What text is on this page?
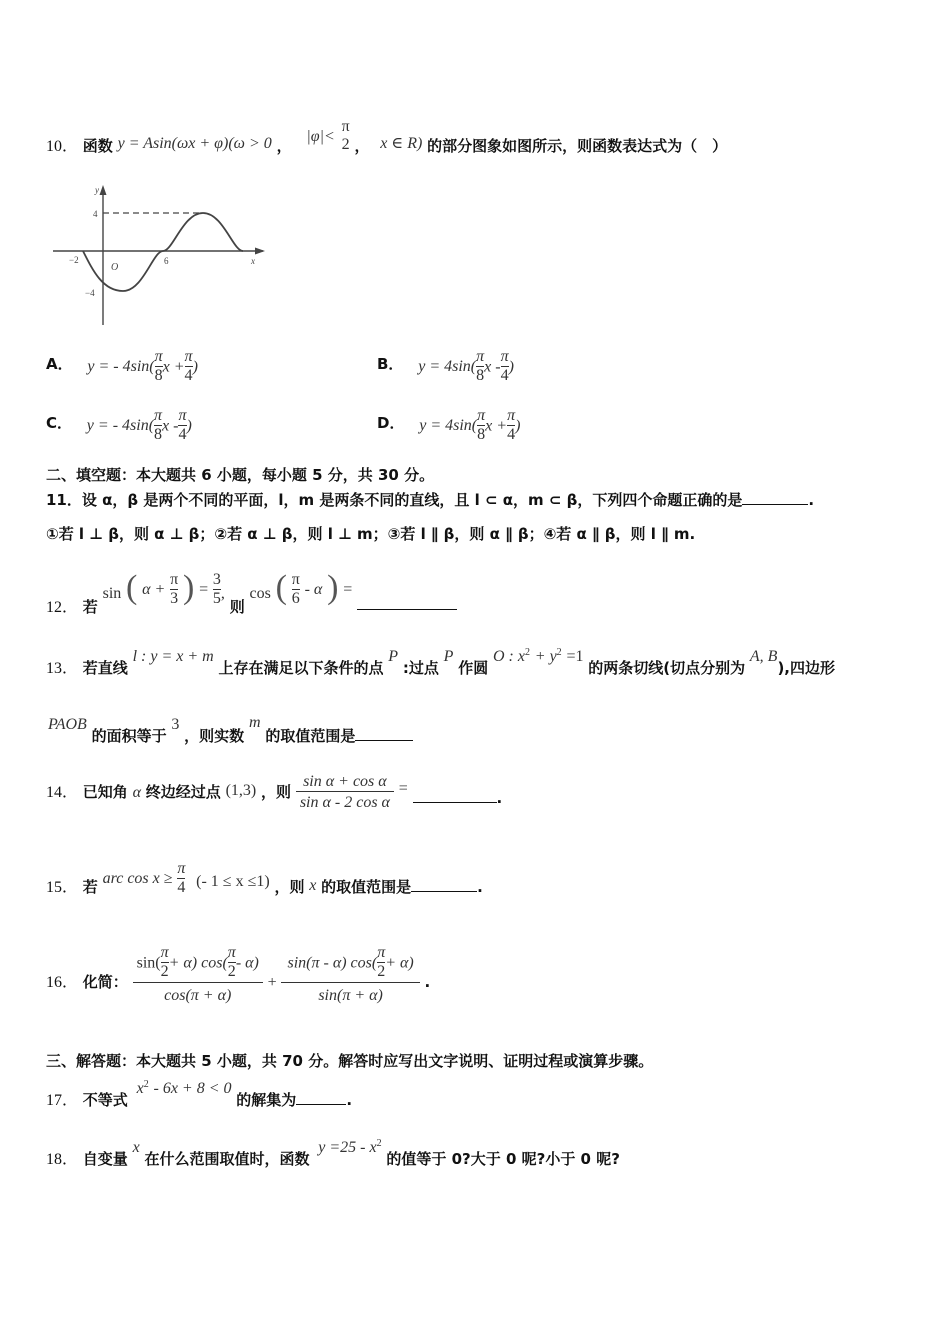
10． 函数 y = Asin(ωx + φ)(ω > 0 ， |φ|<
π
2 ， x ∈ R) 的部分图象如图所示，则函数表达式为（　）
y
x
O
4
−4
−2	6
A． y = - $4\sin( \frac{\pi}{8}$ $x + \frac{\pi}{4}$ )	B． $y = 4\sin( \frac{\pi}{8}$ x - $\frac{\pi}{4}$ )
C． y = - $4\sin( \frac{\pi}{8}$ x - $\frac{\pi}{4}$ )	D． $y = 4\sin( \frac{\pi}{8}$ $x + \frac{\pi}{4}$ )
二、填空题：本大题共 6 小题，每小题 5 分，共 30 分。
11．设 α，β 是两个不同的平面，l，m 是两条不同的直线，且 l ⊂ α，m ⊂ β，下列四个命题正确的是	.
①若 l ⊥ β，则 α ⊥ β；②若 α ⊥ β，则 l ⊥ m；③若 l ∥ β，则 α ∥ β；④若 α ∥ β，则 l ∥ m.
12． 若 sin ( $\alpha + \frac{\pi}{3}$ ) = $\frac{3}{5}$ , 则 cos ( $\frac{\pi}{6}$ - α ) =
13． 若直线 l : y = x + m 上存在满足以下条件的点 P :过点 P 作圆 O : $x^2 + y^2 =1$ 的两条切线(切点分别为 A, B),四边形
PAOB 的面积等于 3 ，则实数 m 的取值范围是
14． 已知角 α 终边经过点 (1,3) ，则 $\frac{\text{sin α + cos α}}{\text{sin α - 2 cos α}}$ = .
15． 若 arc $\cos x \ge \frac{\pi}{4}$ (- 1 ≤ x ≤1) ，则 x 的取值范围是	.
16． 化简： $\frac{\sin( \frac{\pi}{2} + \alpha) \cos( \frac{\pi}{2} - \alpha)}{\cos(\pi + \alpha)} + \frac{\sin(\pi - \alpha) \cos( \frac{\pi}{2} + \alpha)}{\sin(\pi + \alpha)}$ .
三、解答题：本大题共 5 小题，共 70 分。解答时应写出文字说明、证明过程或演算步骤。
17． 不等式 $x^2 - 6x + 8 < 0$ 的解集为	.
18． 自变量 x 在什么范围取值时，函数 $y =25 - x^2$ 的值等于 0?大于 0 呢?小于 0 呢?
